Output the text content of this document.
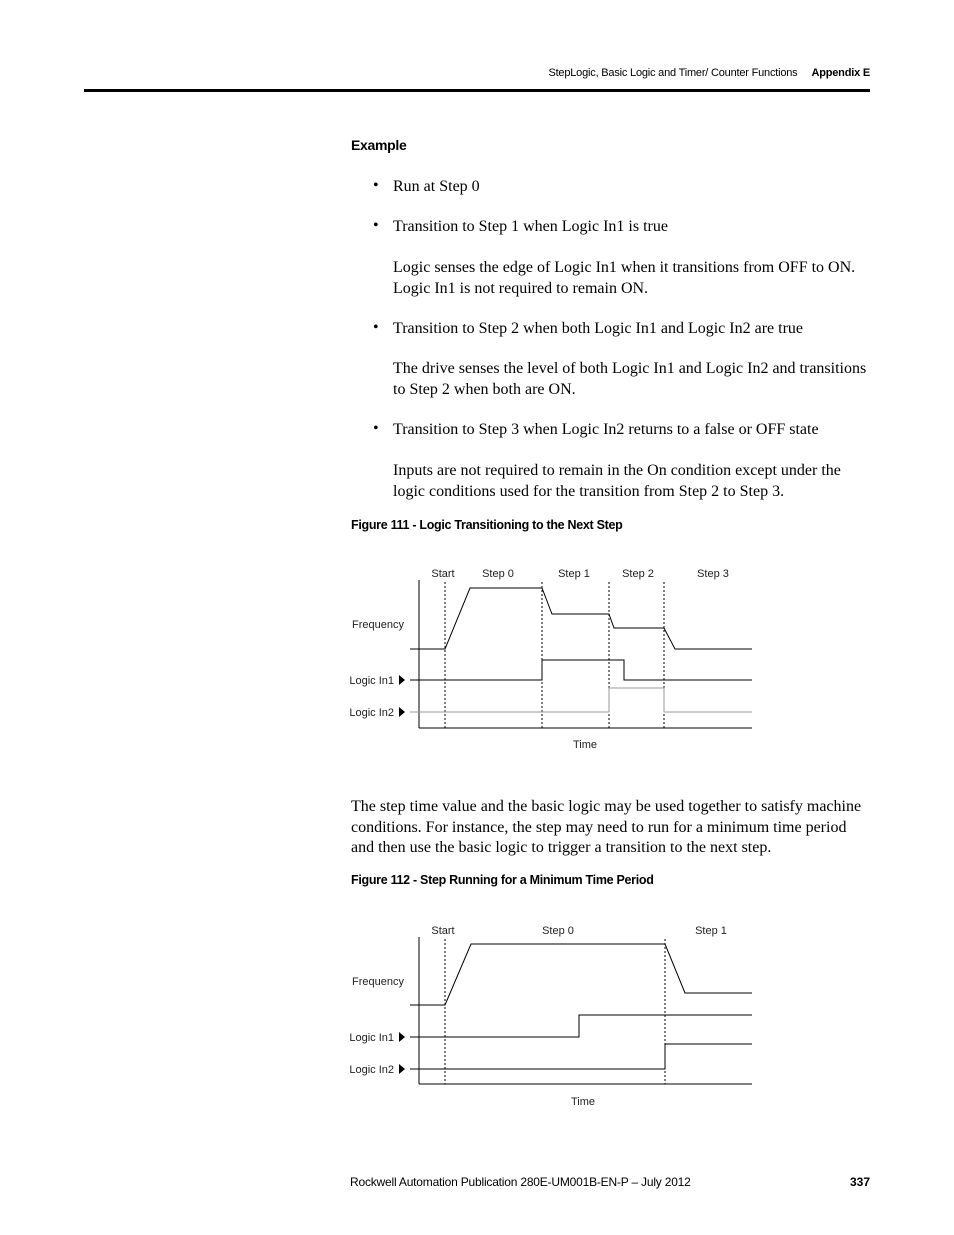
StepLogic, Basic Logic and Timer/ Counter Functions Appendix E
Example
• Run at Step 0
• Transition to Step 1 when Logic In1 is true
Logic senses the edge of Logic In1 when it transitions from OFF to ON. Logic In1 is not required to remain ON.
• Transition to Step 2 when both Logic In1 and Logic In2 are true
The drive senses the level of both Logic In1 and Logic In2 and transitions to Step 2 when both are ON.
• Transition to Step 3 when Logic In2 returns to a false or OFF state
Inputs are not required to remain in the On condition except under the logic conditions used for the transition from Step 2 to Step 3.
Figure 111 - Logic Transitioning to the Next Step
Start Step 0	Step 1	Step 2	Step 3
Frequency
Logic In1
Logic In2
Time
The step time value and the basic logic may be used together to satisfy machine conditions. For instance, the step may need to run for a minimum time period and then use the basic logic to trigger a transition to the next step.
Figure 112 - Step Running for a Minimum Time Period
Start	Step 0	Step 1
Frequency
Logic In1
Logic In2
Time
Rockwell Automation Publication 280E-UM001B-EN-P – July 2012	337
